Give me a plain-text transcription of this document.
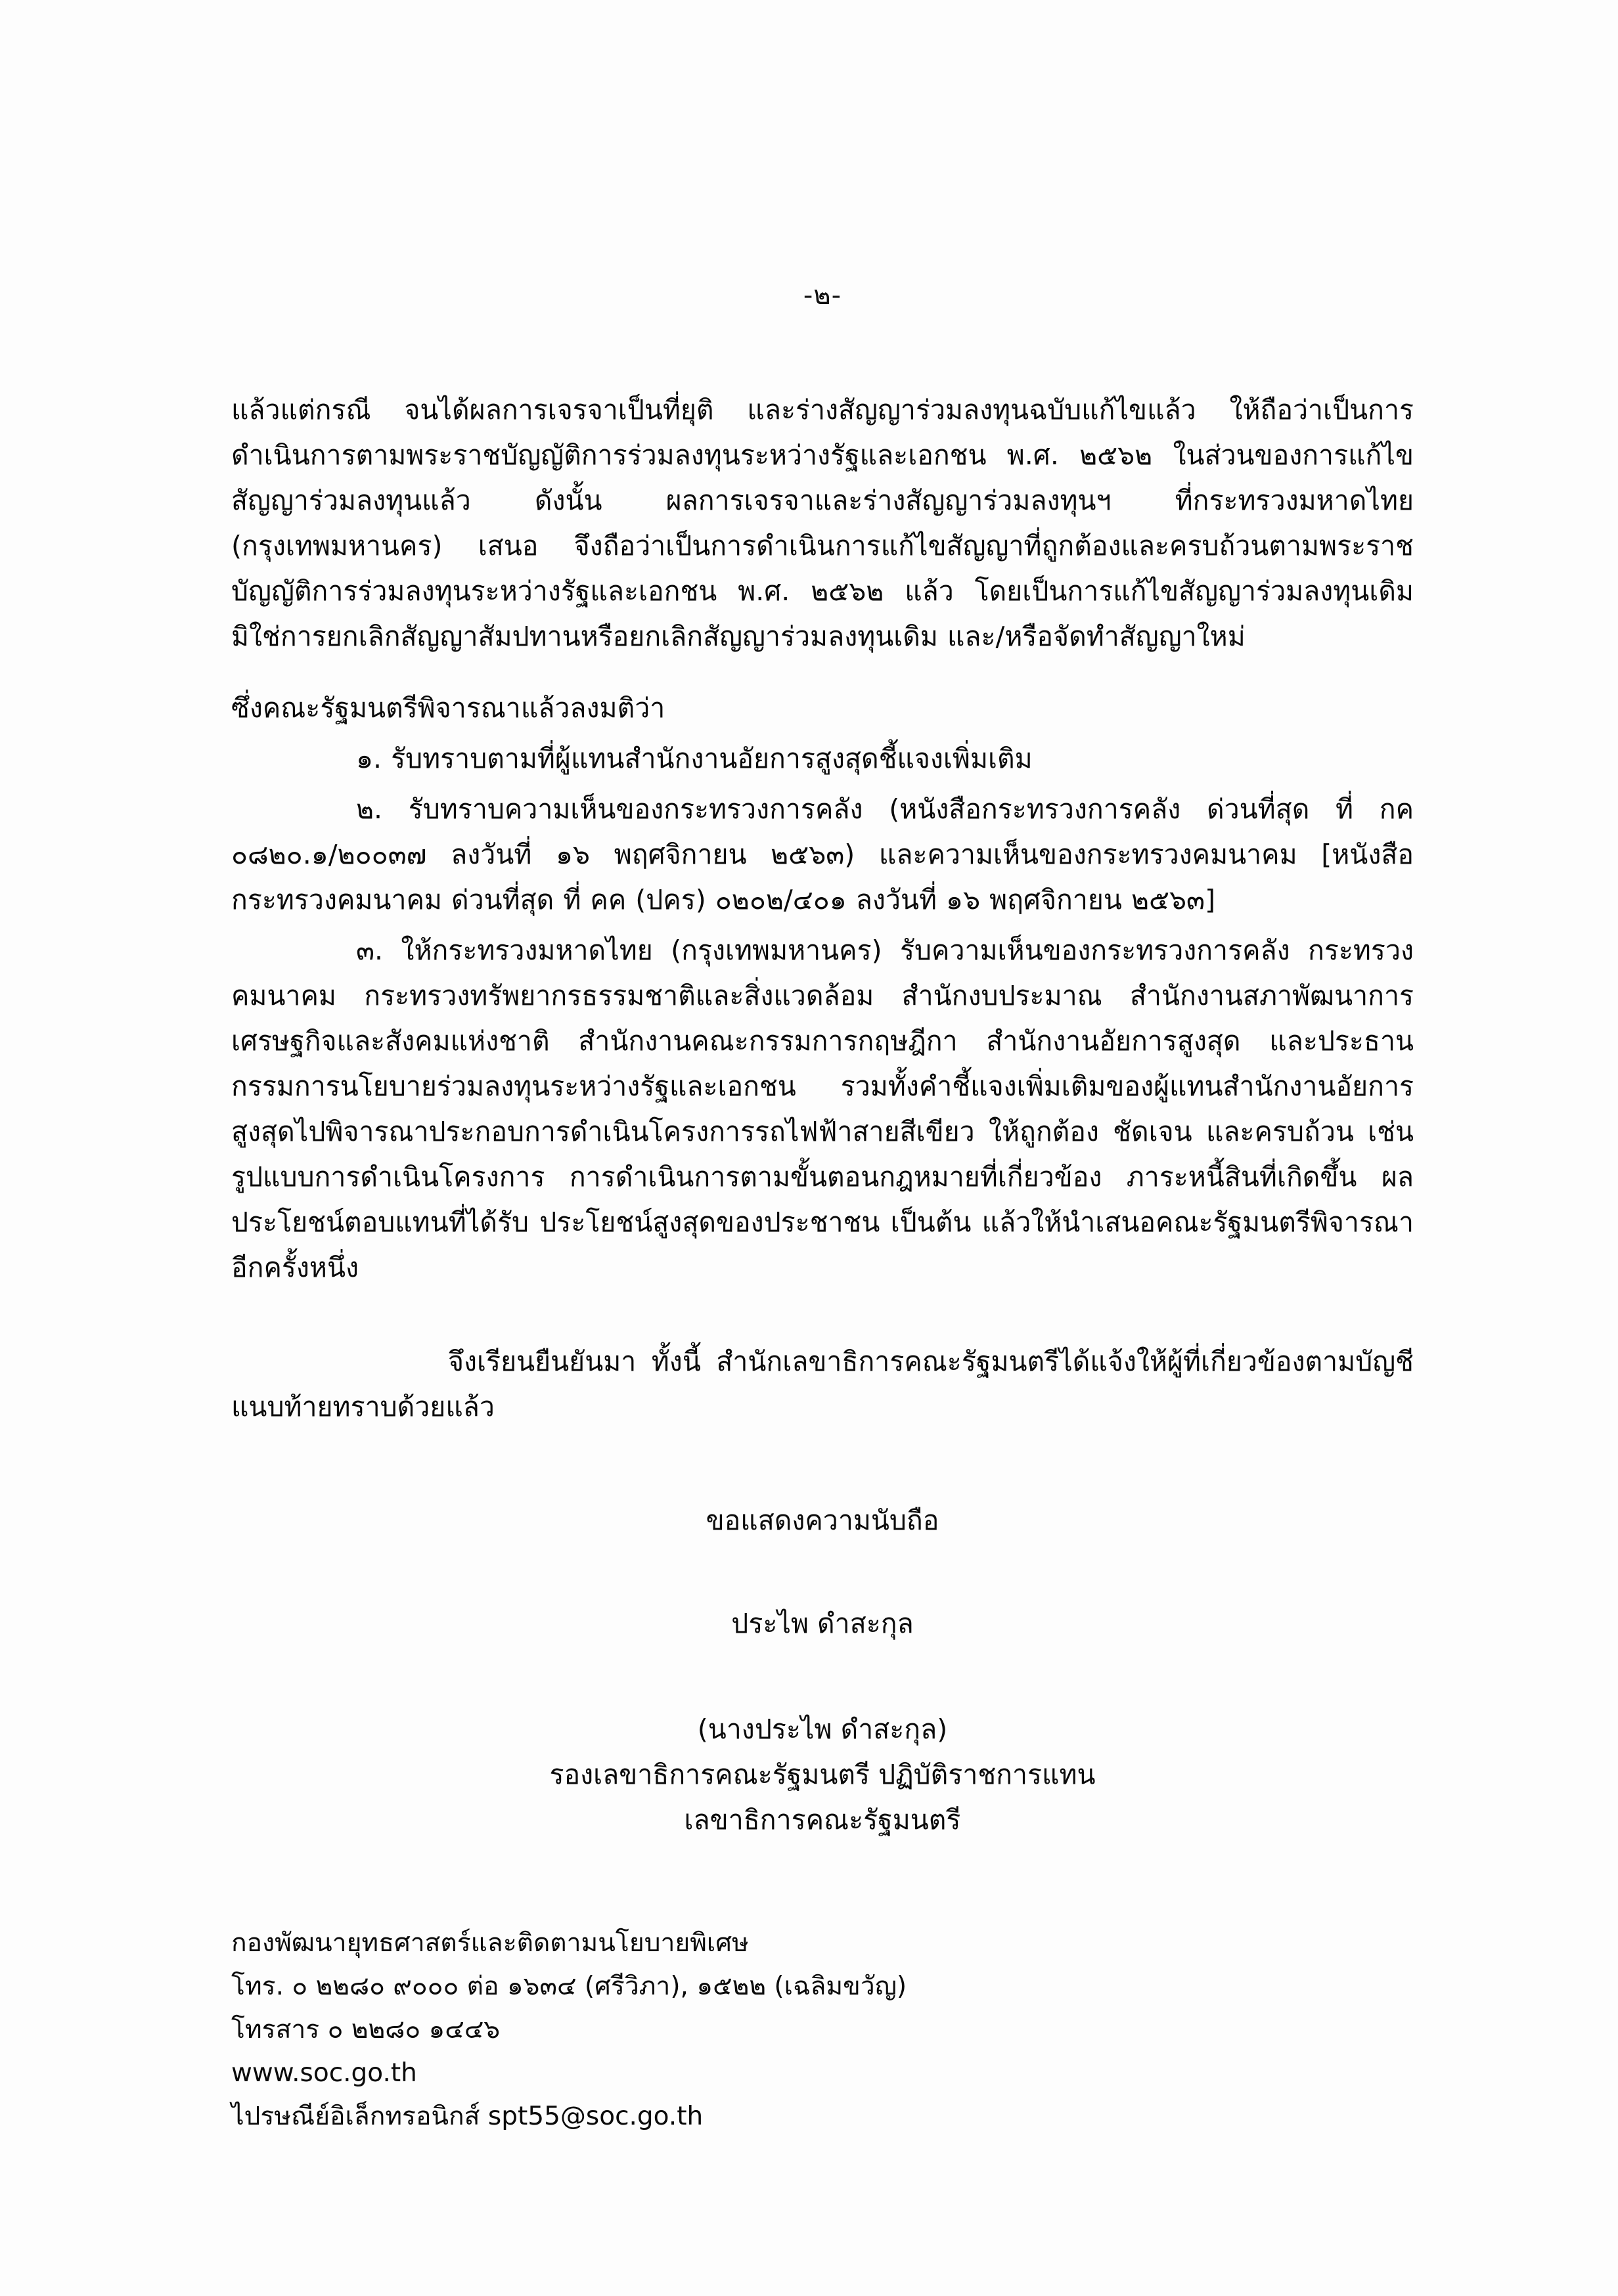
-๒-

แล้วแต่กรณี จนได้ผลการเจรจาเป็นที่ยุติ และร่างสัญญาร่วมลงทุนฉบับแก้ไขแล้ว ให้ถือว่าเป็นการดำเนินการตามพระราชบัญญัติการร่วมลงทุนระหว่างรัฐและเอกชน พ.ศ. ๒๕๖๒ ในส่วนของการแก้ไขสัญญาร่วมลงทุนแล้ว ดังนั้น ผลการเจรจาและร่างสัญญาร่วมลงทุนฯ ที่กระทรวงมหาดไทย (กรุงเทพมหานคร) เสนอ จึงถือว่าเป็นการดำเนินการแก้ไขสัญญาที่ถูกต้องและครบถ้วนตามพระราชบัญญัติการร่วมลงทุนระหว่างรัฐและเอกชน พ.ศ. ๒๕๖๒ แล้ว โดยเป็นการแก้ไขสัญญาร่วมลงทุนเดิมมิใช่การยกเลิกสัญญาสัมปทานหรือยกเลิกสัญญาร่วมลงทุนเดิม และ/หรือจัดทำสัญญาใหม่

ซึ่งคณะรัฐมนตรีพิจารณาแล้วลงมติว่า

๑. รับทราบตามที่ผู้แทนสำนักงานอัยการสูงสุดชี้แจงเพิ่มเติม

๒. รับทราบความเห็นของกระทรวงการคลัง (หนังสือกระทรวงการคลัง ด่วนที่สุด ที่ กค ๐๘๒๐.๑/๒๐๐๓๗ ลงวันที่ ๑๖ พฤศจิกายน ๒๕๖๓) และความเห็นของกระทรวงคมนาคม [หนังสือกระทรวงคมนาคม ด่วนที่สุด ที่ คค (ปคร) ๐๒๐๒/๔๐๑ ลงวันที่ ๑๖ พฤศจิกายน ๒๕๖๓]

๓. ให้กระทรวงมหาดไทย (กรุงเทพมหานคร) รับความเห็นของกระทรวงการคลัง กระทรวงคมนาคม กระทรวงทรัพยากรธรรมชาติและสิ่งแวดล้อม สำนักงบประมาณ สำนักงานสภาพัฒนาการเศรษฐกิจและสังคมแห่งชาติ สำนักงานคณะกรรมการกฤษฎีกา สำนักงานอัยการสูงสุด และประธานกรรมการนโยบายร่วมลงทุนระหว่างรัฐและเอกชน รวมทั้งคำชี้แจงเพิ่มเติมของผู้แทนสำนักงานอัยการสูงสุดไปพิจารณาประกอบการดำเนินโครงการรถไฟฟ้าสายสีเขียว ให้ถูกต้อง ชัดเจน และครบถ้วน เช่น รูปแบบการดำเนินโครงการ การดำเนินการตามขั้นตอนกฎหมายที่เกี่ยวข้อง ภาระหนี้สินที่เกิดขึ้น ผลประโยชน์ตอบแทนที่ได้รับ ประโยชน์สูงสุดของประชาชน เป็นต้น แล้วให้นำเสนอคณะรัฐมนตรีพิจารณาอีกครั้งหนึ่ง

จึงเรียนยืนยันมา ทั้งนี้ สำนักเลขาธิการคณะรัฐมนตรีได้แจ้งให้ผู้ที่เกี่ยวข้องตามบัญชีแนบท้ายทราบด้วยแล้ว

ขอแสดงความนับถือ

ประไพ ดำสะกุล

(นางประไพ ดำสะกุล)

รองเลขาธิการคณะรัฐมนตรี ปฏิบัติราชการแทน

เลขาธิการคณะรัฐมนตรี

กองพัฒนายุทธศาสตร์และติดตามนโยบายพิเศษ
โทร. ๐ ๒๒๘๐ ๙๐๐๐ ต่อ ๑๖๓๔ (ศรีวิภา), ๑๕๒๒ (เฉลิมขวัญ)
โทรสาร ๐ ๒๒๘๐ ๑๔๔๖
www.soc.go.th
ไปรษณีย์อิเล็กทรอนิกส์ spt55@soc.go.th
